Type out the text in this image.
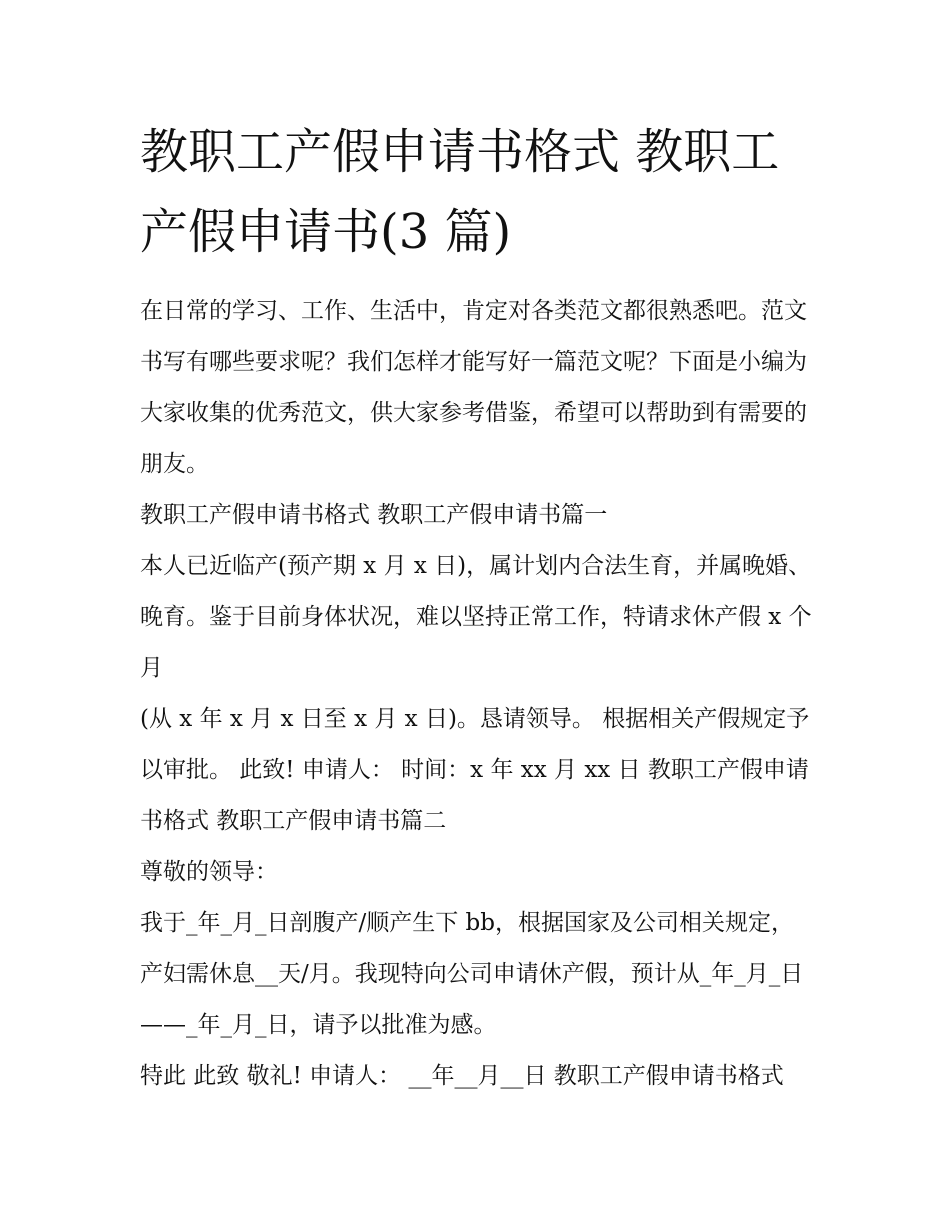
教职工产假申请书格式 教职工
产假申请书(3 篇)

在日常的学习、工作、生活中，肯定对各类范文都很熟悉吧。范文书写有哪些要求呢？我们怎样才能写好一篇范文呢？下面是小编为大家收集的优秀范文，供大家参考借鉴，希望可以帮助到有需要的朋友。

教职工产假申请书格式 教职工产假申请书篇一

本人已近临产(预产期 x 月 x 日)，属计划内合法生育，并属晚婚、晚育。鉴于目前身体状况，难以坚持正常工作，特请求休产假 x 个月

(从 x 年 x 月 x 日至 x 月 x 日)。恳请领导。 根据相关产假规定予以审批。 此致! 申请人： 时间：x 年 xx 月 xx 日 教职工产假申请书格式 教职工产假申请书篇二

尊敬的领导：

我于_年_月_日剖腹产/顺产生下 bb，根据国家及公司相关规定，产妇需休息__天/月。我现特向公司申请休产假，预计从_年_月_日——_年_月_日，请予以批准为感。

特此 此致 敬礼! 申请人： __年__月__日 教职工产假申请书格式
